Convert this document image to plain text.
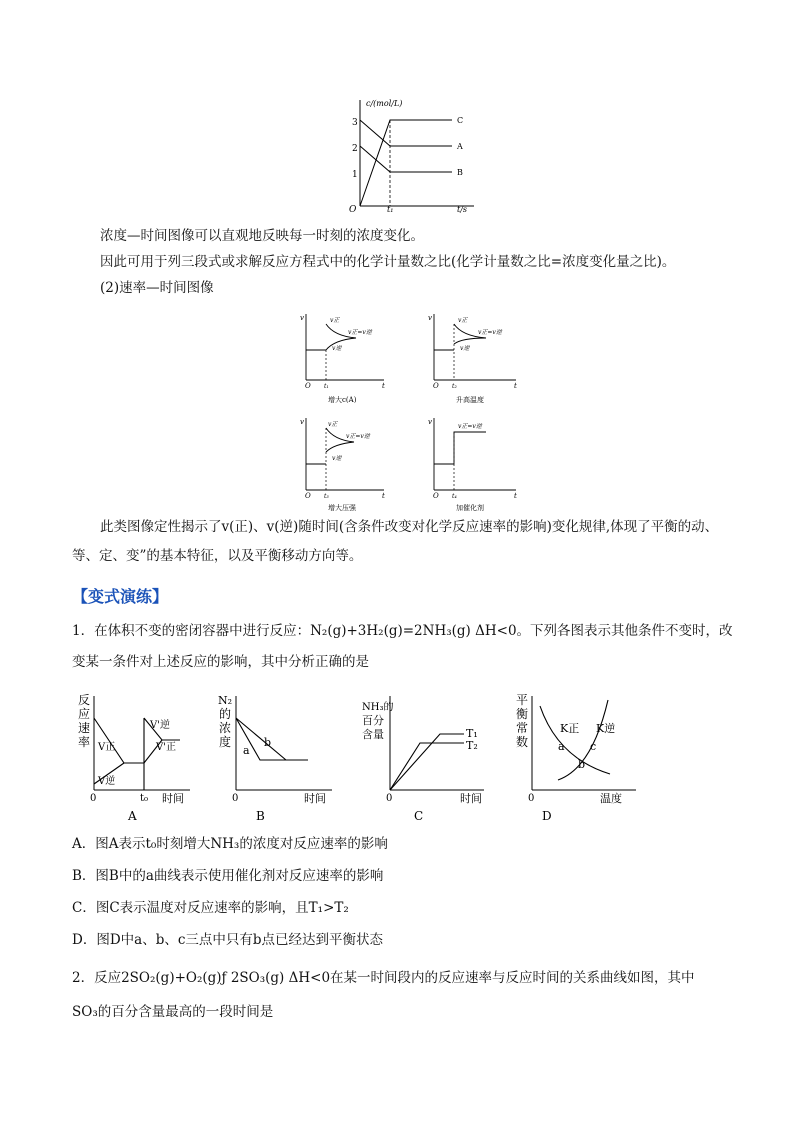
c/(mol/L)
3
2
1
O	t₁	t/s
C
A
B
浓度—时间图像可以直观地反映每一时刻的浓度变化。
因此可用于列三段式或求解反应方程式中的化学计量数之比(化学计量数之比=浓度变化量之比)。
(2)速率—时间图像
v
O	t
t₁
v正
v逆
v正=v逆
增大c(A)
v
O	t
t₂
v正
v逆
v正=v逆
升高温度
v
O	t
t₃
v正
v逆
v正=v逆
增大压强
v
O	t
t₄
v正=v逆
加催化剂
此类图像定性揭示了v(正)、v(逆)随时间(含条件改变对化学反应速率的影响)变化规律,体现了平衡的动、
等、定、变”的基本特征，以及平衡移动方向等。
【变式演练】
1．在体积不变的密闭容器中进行反应：N₂(g)+3H₂(g)=2NH₃(g) ΔH<0。下列各图表示其他条件不变时，改
变某一条件对上述反应的影响，其中分析正确的是
反
应
速
率 V正
V逆
V'逆
V'正
0	t₀ 时间
A
N₂
的
浓
度
a
b
0	时间
B
NH₃的
百分
含量	T₁
T₂
0	时间
C
平
衡
常
数
K正 K逆
a
b
c
0	温度
D
A．图A表示t₀时刻增大NH₃的浓度对反应速率的影响
B．图B中的a曲线表示使用催化剂对反应速率的影响
C．图C表示温度对反应速率的影响，且T₁>T₂
D．图D中a、b、c三点中只有b点已经达到平衡状态
2．反应2SO₂(g)+O₂(g)ƒ 2SO₃(g) ΔH<0在某一时间段内的反应速率与反应时间的关系曲线如图，其中
SO₃的百分含量最高的一段时间是
